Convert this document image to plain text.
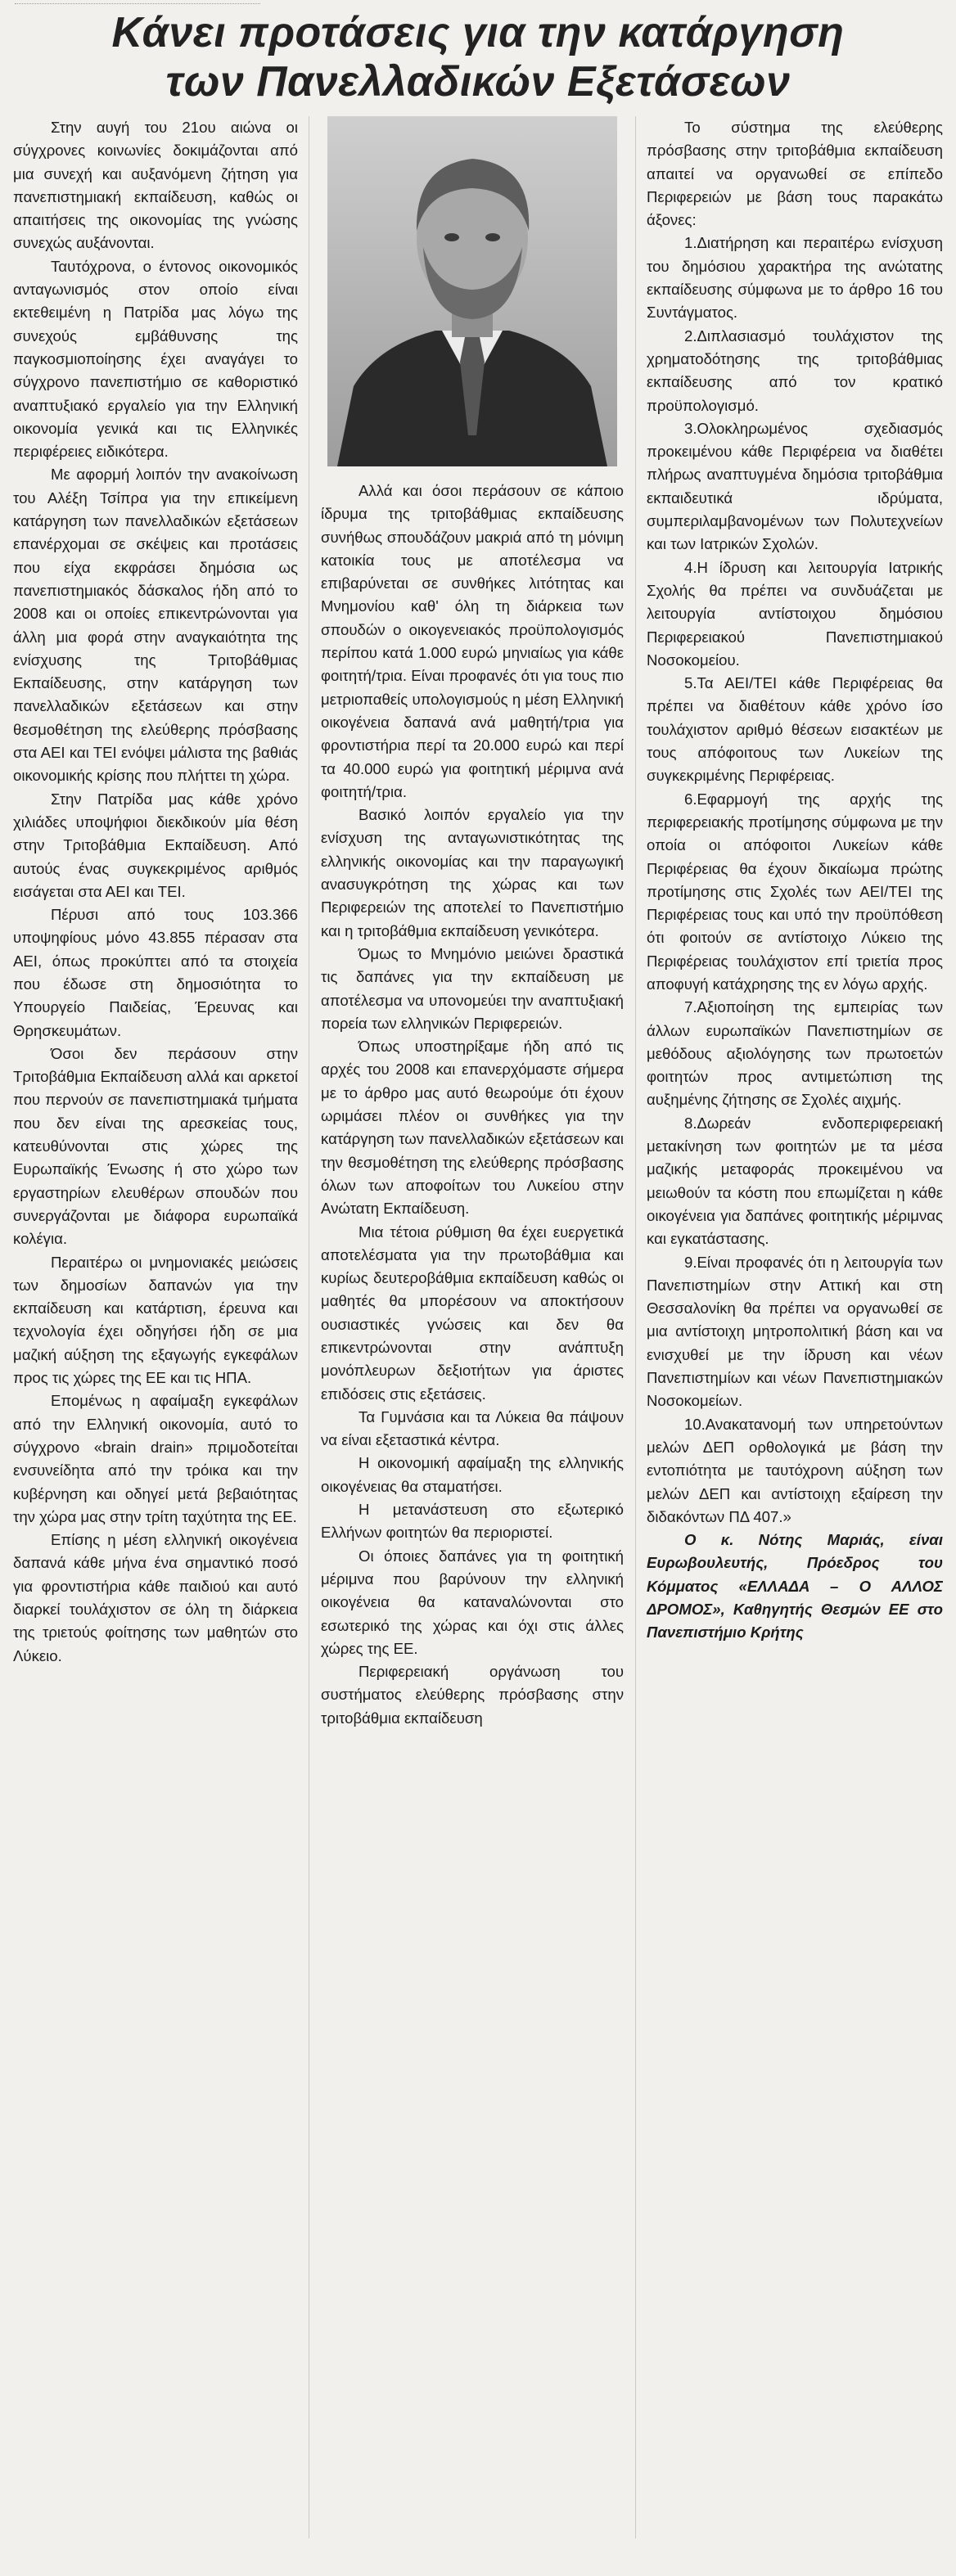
Κάνει προτάσεις για την κατάργηση
των Πανελλαδικών Εξετάσεων

Στην αυγή του 21ου αιώνα οι σύγχρονες κοινωνίες δοκιμάζονται από μια συνεχή και αυξανόμενη ζήτηση για πανεπιστημιακή εκπαίδευση, καθώς οι απαιτήσεις της οικονομίας της γνώσης συνεχώς αυξάνονται.

Ταυτόχρονα, ο έντονος οικονομικός ανταγωνισμός στον οποίο είναι εκτεθειμένη η Πατρίδα μας λόγω της συνεχούς εμβάθυνσης της παγκοσμιοποίησης έχει αναγάγει το σύγχρονο πανεπιστήμιο σε καθοριστικό αναπτυξιακό εργαλείο για την Ελληνική οικονομία γενικά και τις Ελληνικές περιφέρειες ειδικότερα.

Με αφορμή λοιπόν την ανακοίνωση του Αλέξη Τσίπρα για την επικείμενη κατάργηση των πανελλαδικών εξετάσεων επανέρχομαι σε σκέψεις και προτάσεις που είχα εκφράσει δημόσια ως πανεπιστημιακός δάσκαλος ήδη από το 2008 και οι οποίες επικεντρώνονται για άλλη μια φορά στην αναγκαιότητα της ενίσχυσης της Τριτοβάθμιας Εκπαίδευσης, στην κατάργηση των πανελλαδικών εξετάσεων και στην θεσμοθέτηση της ελεύθερης πρόσβασης στα ΑΕΙ και ΤΕΙ ενόψει μάλιστα της βαθιάς οικονομικής κρίσης που πλήττει τη χώρα.

Στην Πατρίδα μας κάθε χρόνο χιλιάδες υποψήφιοι διεκδικούν μία θέση στην Τριτοβάθμια Εκπαίδευση. Από αυτούς ένας συγκεκριμένος αριθμός εισάγεται στα ΑΕΙ και ΤΕΙ.

Πέρυσι από τους 103.366 υποψηφίους μόνο 43.855 πέρασαν στα ΑΕΙ, όπως προκύπτει από τα στοιχεία που έδωσε στη δημοσιότητα το Υπουργείο Παιδείας, Έρευνας και Θρησκευμάτων.

Όσοι δεν περάσουν στην Τριτοβάθμια Εκπαίδευση αλλά και αρκετοί που περνούν σε πανεπιστημιακά τμήματα που δεν είναι της αρεσκείας τους, κατευθύνονται στις χώρες της Ευρωπαϊκής Ένωσης ή στο χώρο των εργαστηρίων ελευθέρων σπουδών που συνεργάζονται με διάφορα ευρωπαϊκά κολέγια.

Περαιτέρω οι μνημονιακές μειώσεις των δημοσίων δαπανών για την εκπαίδευση και κατάρτιση, έρευνα και τεχνολογία έχει οδηγήσει ήδη σε μια μαζική αύξηση της εξαγωγής εγκεφάλων προς τις χώρες της ΕΕ και τις ΗΠΑ.

Επομένως η αφαίμαξη εγκεφάλων από την Ελληνική οικονομία, αυτό το σύγχρονο «brain drain» πριμοδοτείται ενσυνείδητα από την τρόικα και την κυβέρνηση και οδηγεί μετά βεβαιότητας την χώρα μας στην τρίτη ταχύτητα της ΕΕ.

Επίσης η μέση ελληνική οικογένεια δαπανά κάθε μήνα ένα σημαντικό ποσό για φροντιστήρια κάθε παιδιού και αυτό διαρκεί τουλάχιστον σε όλη τη διάρκεια της τριετούς φοίτησης των μαθητών στο Λύκειο.

Αλλά και όσοι περάσουν σε κάποιο ίδρυμα της τριτοβάθμιας εκπαίδευσης συνήθως σπουδάζουν μακριά από τη μόνιμη κατοικία τους με αποτέλεσμα να επιβαρύνεται σε συνθήκες λιτότητας και Μνημονίου καθ' όλη τη διάρκεια των σπουδών ο οικογενειακός προϋπολογισμός περίπου κατά 1.000 ευρώ μηνιαίως για κάθε φοιτητή/τρια. Είναι προφανές ότι για τους πιο μετριοπαθείς υπολογισμούς η μέση Ελληνική οικογένεια δαπανά ανά μαθητή/τρια για φροντιστήρια περί τα 20.000 ευρώ και περί τα 40.000 ευρώ για φοιτητική μέριμνα ανά φοιτητή/τρια.

Βασικό λοιπόν εργαλείο για την ενίσχυση της ανταγωνιστικότητας της ελληνικής οικονομίας και την παραγωγική ανασυγκρότηση της χώρας και των Περιφερειών της αποτελεί το Πανεπιστήμιο και η τριτοβάθμια εκπαίδευση γενικότερα.

Όμως το Μνημόνιο μειώνει δραστικά τις δαπάνες για την εκπαίδευση με αποτέλεσμα να υπονομεύει την αναπτυξιακή πορεία των ελληνικών Περιφερειών.

Όπως υποστηρίξαμε ήδη από τις αρχές του 2008 και επανερχόμαστε σήμερα με το άρθρο μας αυτό θεωρούμε ότι έχουν ωριμάσει πλέον οι συνθήκες για την κατάργηση των πανελλαδικών εξετάσεων και την θεσμοθέτηση της ελεύθερης πρόσβασης όλων των αποφοίτων του Λυκείου στην Ανώτατη Εκπαίδευση.

Μια τέτοια ρύθμιση θα έχει ευεργετικά αποτελέσματα για την πρωτοβάθμια και κυρίως δευτεροβάθμια εκπαίδευση καθώς οι μαθητές θα μπορέσουν να αποκτήσουν ουσιαστικές γνώσεις και δεν θα επικεντρώνονται στην ανάπτυξη μονόπλευρων δεξιοτήτων για άριστες επιδόσεις στις εξετάσεις.

Τα Γυμνάσια και τα Λύκεια θα πάψουν να είναι εξεταστικά κέντρα.

Η οικονομική αφαίμαξη της ελληνικής οικογένειας θα σταματήσει.

Η μετανάστευση στο εξωτερικό Ελλήνων φοιτητών θα περιοριστεί.

Οι όποιες δαπάνες για τη φοιτητική μέριμνα που βαρύνουν την ελληνική οικογένεια θα καταναλώνονται στο εσωτερικό της χώρας και όχι στις άλλες χώρες της ΕΕ.

Περιφερειακή οργάνωση του συστήματος ελεύθερης πρόσβασης στην τριτοβάθμια εκπαίδευση

Το σύστημα της ελεύθερης πρόσβασης στην τριτοβάθμια εκπαίδευση απαιτεί να οργανωθεί σε επίπεδο Περιφερειών με βάση τους παρακάτω άξονες:

1.Διατήρηση και περαιτέρω ενίσχυση του δημόσιου χαρακτήρα της ανώτατης εκπαίδευσης σύμφωνα με το άρθρο 16 του Συντάγματος.

2.Διπλασιασμό τουλάχιστον της χρηματοδότησης της τριτοβάθμιας εκπαίδευσης από τον κρατικό προϋπολογισμό.

3.Ολοκληρωμένος σχεδιασμός προκειμένου κάθε Περιφέρεια να διαθέτει πλήρως αναπτυγμένα δημόσια τριτοβάθμια εκπαιδευτικά ιδρύματα, συμπεριλαμβανομένων των Πολυτεχνείων και των Ιατρικών Σχολών.

4.Η ίδρυση και λειτουργία Ιατρικής Σχολής θα πρέπει να συνδυάζεται με λειτουργία αντίστοιχου δημόσιου Περιφερειακού Πανεπιστημιακού Νοσοκομείου.

5.Τα ΑΕΙ/ΤΕΙ κάθε Περιφέρειας θα πρέπει να διαθέτουν κάθε χρόνο ίσο τουλάχιστον αριθμό θέσεων εισακτέων με τους απόφοιτους των Λυκείων της συγκεκριμένης Περιφέρειας.

6.Εφαρμογή της αρχής της περιφερειακής προτίμησης σύμφωνα με την οποία οι απόφοιτοι Λυκείων κάθε Περιφέρειας θα έχουν δικαίωμα πρώτης προτίμησης στις Σχολές των ΑΕΙ/ΤΕΙ της Περιφέρειας τους και υπό την προϋπόθεση ότι φοιτούν σε αντίστοιχο Λύκειο της Περιφέρειας τουλάχιστον επί τριετία προς αποφυγή κατάχρησης της εν λόγω αρχής.

7.Αξιοποίηση της εμπειρίας των άλλων ευρωπαϊκών Πανεπιστημίων σε μεθόδους αξιολόγησης των πρωτοετών φοιτητών προς αντιμετώπιση της αυξημένης ζήτησης σε Σχολές αιχμής.

8.Δωρεάν ενδοπεριφερειακή μετακίνηση των φοιτητών με τα μέσα μαζικής μεταφοράς προκειμένου να μειωθούν τα κόστη που επωμίζεται η κάθε οικογένεια για δαπάνες φοιτητικής μέριμνας και εγκατάστασης.

9.Είναι προφανές ότι η λειτουργία των Πανεπιστημίων στην Αττική και στη Θεσσαλονίκη θα πρέπει να οργανωθεί σε μια αντίστοιχη μητροπολιτική βάση και να ενισχυθεί με την ίδρυση και νέων Πανεπιστημίων και νέων Πανεπιστημιακών Νοσοκομείων.

10.Ανακατανομή των υπηρετούντων μελών ΔΕΠ ορθολογικά με βάση την εντοπιότητα με ταυτόχρονη αύξηση των μελών ΔΕΠ και αντίστοιχη εξαίρεση την διδακόντων ΠΔ 407.»

Ο κ. Νότης Μαριάς, είναι Ευρωβουλευτής, Πρόεδρος του Κόμματος «ΕΛΛΑΔΑ – Ο ΑΛΛΟΣ ΔΡΟΜΟΣ», Καθηγητής Θεσμών ΕΕ στο Πανεπιστήμιο Κρήτης
